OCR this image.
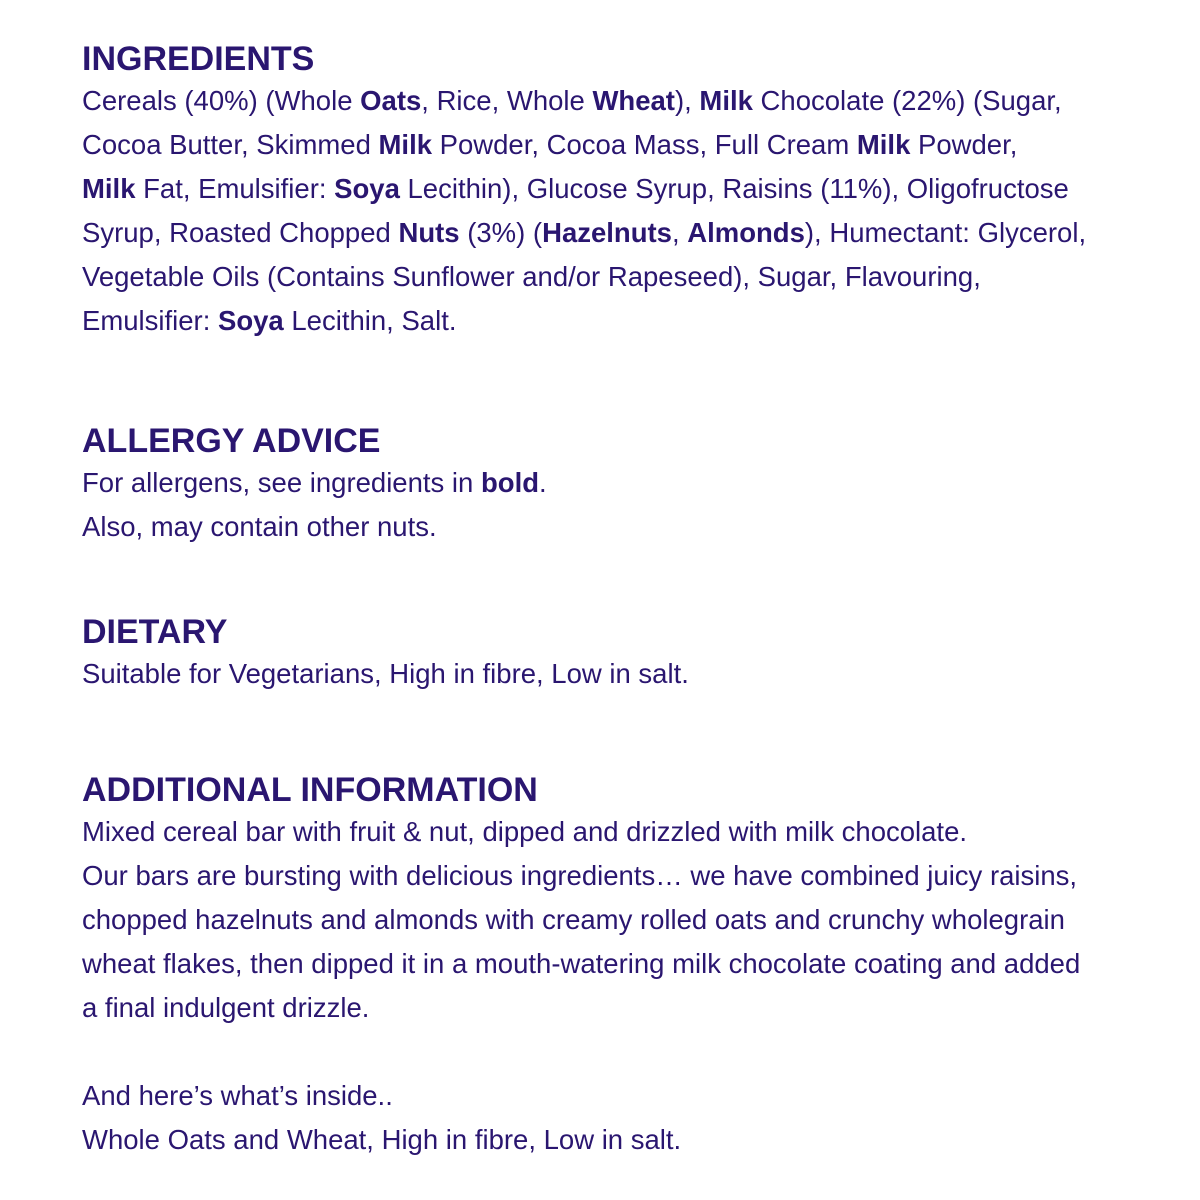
INGREDIENTS

Cereals (40%) (Whole Oats, Rice, Whole Wheat), Milk Chocolate (22%) (Sugar,
Cocoa Butter, Skimmed Milk Powder, Cocoa Mass, Full Cream Milk Powder,
Milk Fat, Emulsifier: Soya Lecithin), Glucose Syrup, Raisins (11%), Oligofructose
Syrup, Roasted Chopped Nuts (3%) (Hazelnuts, Almonds), Humectant: Glycerol,
Vegetable Oils (Contains Sunflower and/or Rapeseed), Sugar, Flavouring,
Emulsifier: Soya Lecithin, Salt.

ALLERGY ADVICE

For allergens, see ingredients in bold.
Also, may contain other nuts.

DIETARY

Suitable for Vegetarians, High in fibre, Low in salt.

ADDITIONAL INFORMATION

Mixed cereal bar with fruit & nut, dipped and drizzled with milk chocolate.
Our bars are bursting with delicious ingredients… we have combined juicy raisins,
chopped hazelnuts and almonds with creamy rolled oats and crunchy wholegrain
wheat flakes, then dipped it in a mouth-watering milk chocolate coating and added
a final indulgent drizzle.

And here’s what’s inside..
Whole Oats and Wheat, High in fibre, Low in salt.
